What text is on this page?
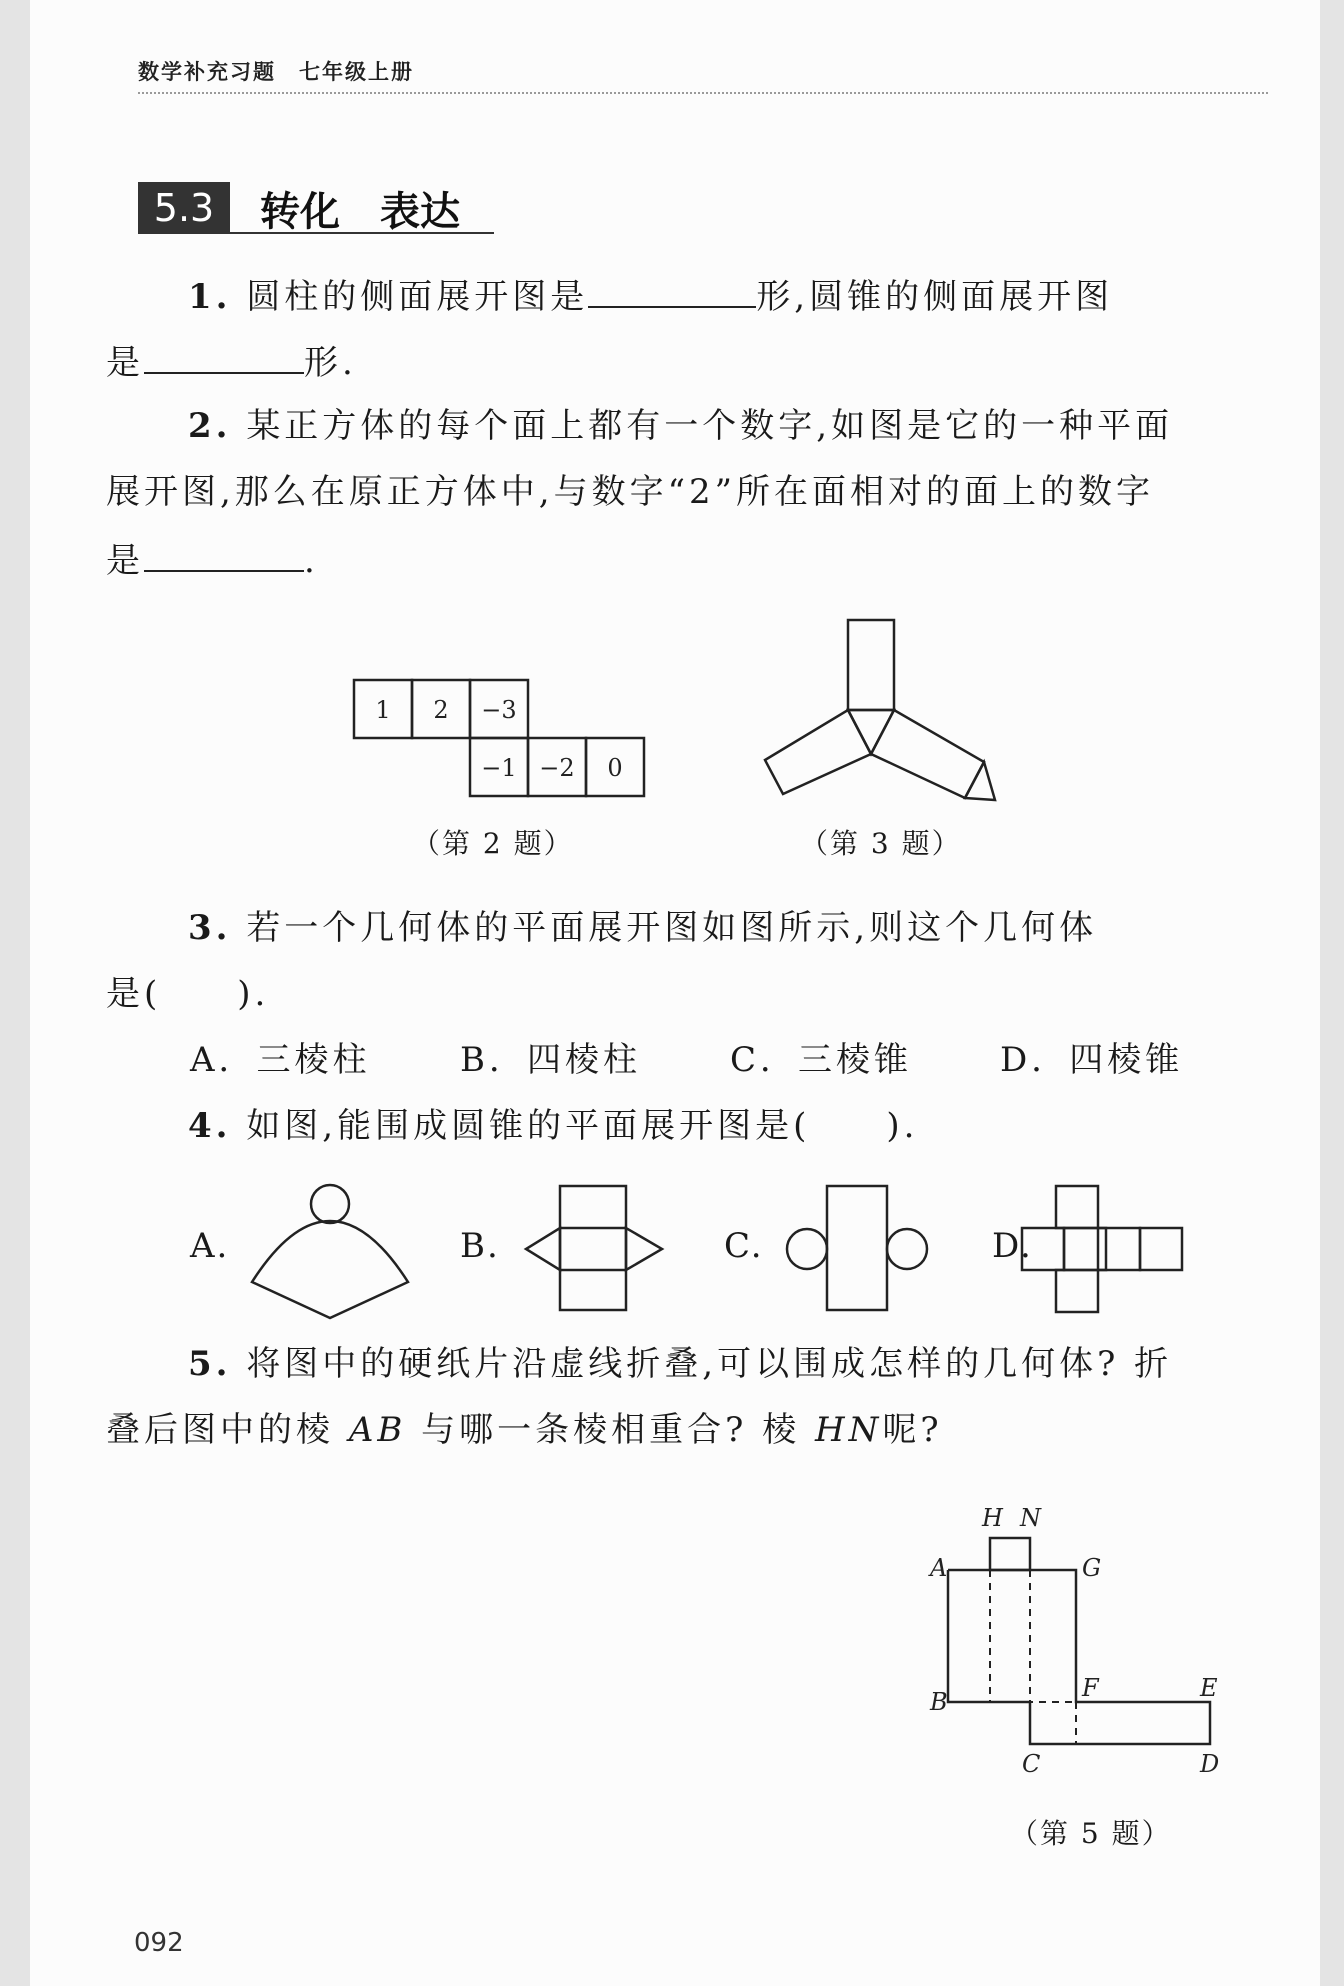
数学补充习题　七年级上册
5.3	转化　表达
1. 圆柱的侧面展开图是	形,圆锥的侧面展开图
是	形.
2. 某正方体的每个面上都有一个数字,如图是它的一种平面
展开图,那么在原正方体中,与数字“2”所在面相对的面上的数字
是	.
1 2 −3
−1 −2 0
H N
A	G
B	F	E
C	D
（第 2 题）	（第 3 题）
3. 若一个几何体的平面展开图如图所示,则这个几何体
是(　　).
A．三棱柱	B．四棱柱	C．三棱锥	D．四棱锥
4. 如图,能围成圆锥的平面展开图是(　　).
A.	B.	C.	D.
5. 将图中的硬纸片沿虚线折叠,可以围成怎样的几何体? 折
叠后图中的棱 AB 与哪一条棱相重合? 棱 HN呢?
（第 5 题）
092
